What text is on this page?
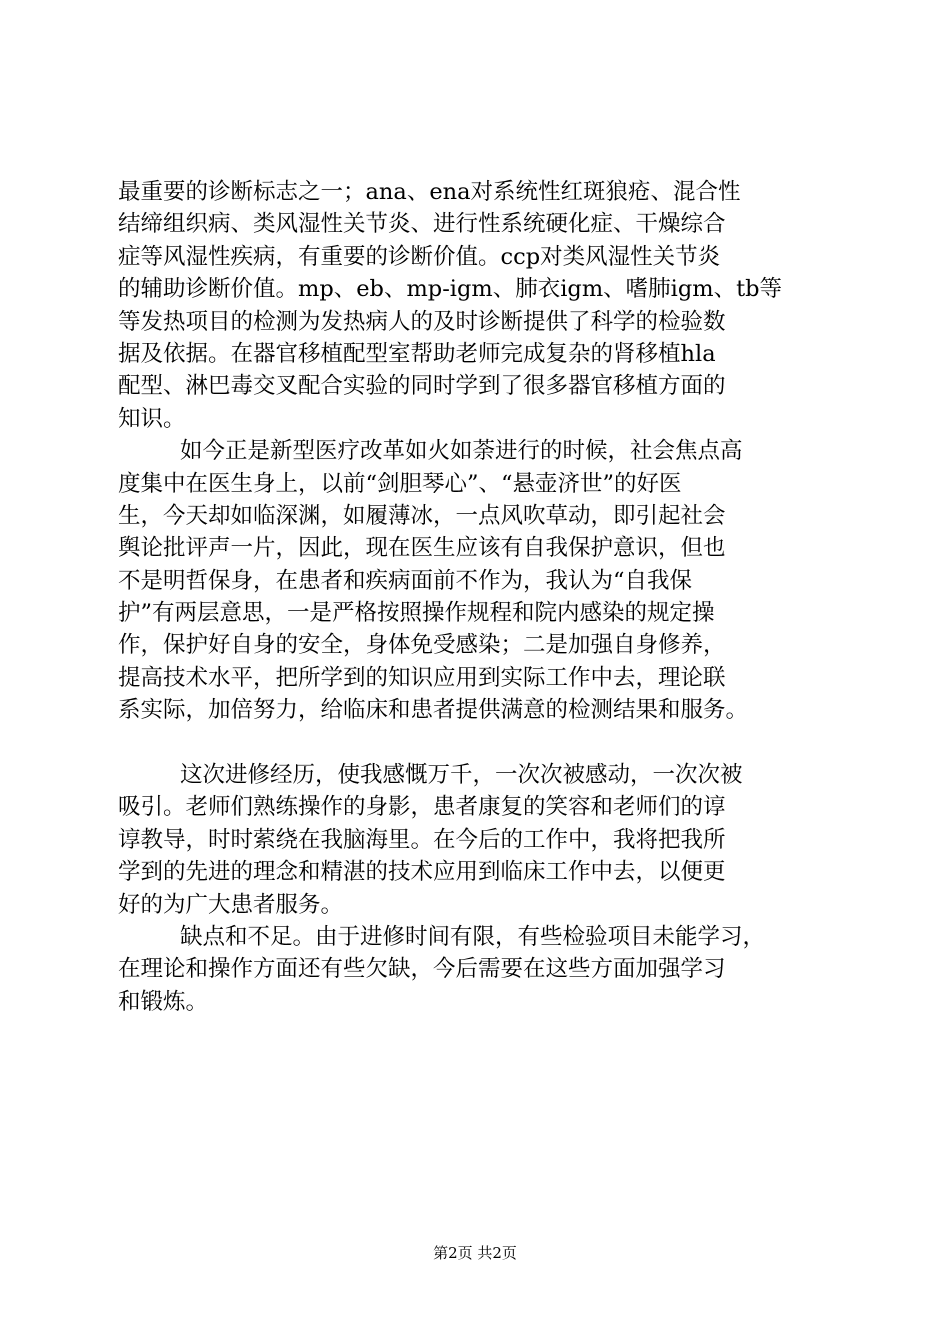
最重要的诊断标志之一；ana、ena对系统性红斑狼疮、混合性
结缔组织病、类风湿性关节炎、进行性系统硬化症、干燥综合
症等风湿性疾病，有重要的诊断价值。ccp对类风湿性关节炎
的辅助诊断价值。mp、eb、mp-igm、肺衣igm、嗜肺igm、tb等
等发热项目的检测为发热病人的及时诊断提供了科学的检验数
据及依据。在器官移植配型室帮助老师完成复杂的肾移植hla
配型、淋巴毒交叉配合实验的同时学到了很多器官移植方面的
知识。
如今正是新型医疗改革如火如荼进行的时候，社会焦点高
度集中在医生身上，以前“剑胆琴心”、“悬壶济世”的好医
生，今天却如临深渊，如履薄冰，一点风吹草动，即引起社会
舆论批评声一片，因此，现在医生应该有自我保护意识，但也
不是明哲保身，在患者和疾病面前不作为，我认为“自我保
护”有两层意思，一是严格按照操作规程和院内感染的规定操
作，保护好自身的安全，身体免受感染；二是加强自身修养，
提高技术水平，把所学到的知识应用到实际工作中去，理论联
系实际，加倍努力，给临床和患者提供满意的检测结果和服务。
这次进修经历，使我感慨万千，一次次被感动，一次次被
吸引。老师们熟练操作的身影，患者康复的笑容和老师们的谆
谆教导，时时萦绕在我脑海里。在今后的工作中，我将把我所
学到的先进的理念和精湛的技术应用到临床工作中去，以便更
好的为广大患者服务。
缺点和不足。由于进修时间有限，有些检验项目未能学习，
在理论和操作方面还有些欠缺，今后需要在这些方面加强学习
和锻炼。
第2页 共2页
